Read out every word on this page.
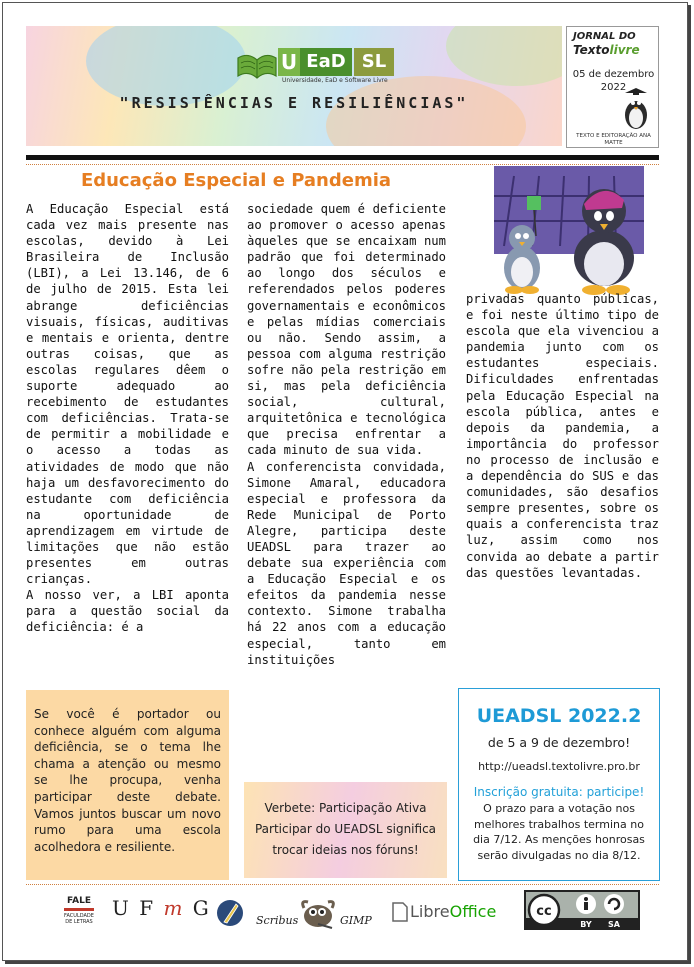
U EaD SL
Universidade, EaD e Software Livre
"RESISTÊNCIAS E RESILIÊNCIAS"
JORNAL DO
Textolivre
05 de dezembro
2022
TEXTO E EDITORAÇÃO ANA MATTE
Educação Especial e Pandemia

A Educação Especial está cada vez mais presente nas escolas, devido à Lei Brasileira de Inclusão (LBI), a Lei 13.146, de 6 de julho de 2015. Esta lei abrange deficiências visuais, físicas, auditivas e mentais e orienta, dentre outras coisas, que as escolas regulares dêem o suporte adequado ao recebimento de estudantes com deficiências. Trata-se de permitir a mobilidade e o acesso a todas as atividades de modo que não haja um desfavorecimento do estudante com deficiência na oportunidade de aprendizagem em virtude de limitações que não estão presentes em outras crianças.

A nosso ver, a LBI aponta para a questão social da deficiência: é a

sociedade quem é deficiente ao promover o acesso apenas àqueles que se encaixam num padrão que foi determinado ao longo dos séculos e referendados pelos poderes governamentais e econômicos e pelas mídias comerciais ou não. Sendo assim, a pessoa com alguma restrição sofre não pela restrição em si, mas pela deficiência social, cultural, arquitetônica e tecnológica que precisa enfrentar a cada minuto de sua vida.

A conferencista convidada, Simone Amaral, educadora especial e professora da Rede Municipal de Porto Alegre, participa deste UEADSL para trazer ao debate sua experiência com a Educação Especial e os efeitos da pandemia nesse contexto. Simone trabalha há 22 anos com a educação especial, tanto em instituições

privadas quanto públicas, e foi neste último tipo de escola que ela vivenciou a pandemia junto com os estudantes especiais. Dificuldades enfrentadas pela Educação Especial na escola pública, antes e depois da pandemia, a importância do professor no processo de inclusão e a dependência do SUS e das comunidades, são desafios sempre presentes, sobre os quais a conferencista traz luz, assim como nos convida ao debate a partir das questões levantadas.

Se você é portador ou conhece alguém com alguma deficiência, se o tema lhe chama a atenção ou mesmo se lhe procupa, venha participar deste debate. Vamos juntos buscar um novo rumo para uma escola acolhedora e resiliente.

Verbete: Participação Ativa
Participar do UEADSL significa trocar ideias nos fóruns!
UEADSL 2022.2
de 5 a 9 de dezembro!
http://ueadsl.textolivre.pro.br
Inscrição gratuita: participe!
O prazo para a votação nos melhores trabalhos termina no dia 7/12. As menções honrosas serão divulgadas no dia 8/12.
FALE
FACULDADE DE LETRAS
U F m G
Scribus	GIMP LibreOffice	cc
BY SA
